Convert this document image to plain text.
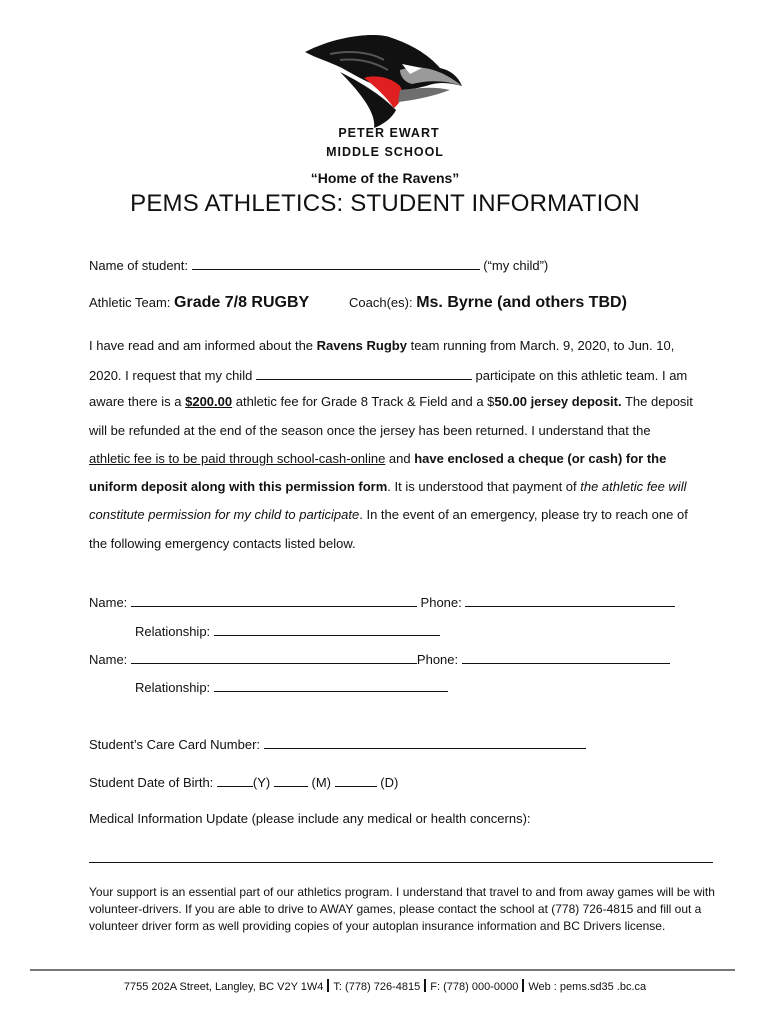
PETER EWART
MIDDLE SCHOOL
“Home of the Ravens”
PEMS ATHLETICS: STUDENT INFORMATION
Name of student:	(“my child”)
Athletic Team: Grade 7/8 RUGBY	Coach(es): Ms. Byrne (and others TBD)
I have read and am informed about the Ravens Rugby team running from March. 9, 2020, to Jun. 10,
2020. I request that my child	participate on this athletic team. I am
aware there is a $200.00 athletic fee for Grade 8 Track & Field and a $50.00 jersey deposit. The deposit
will be refunded at the end of the season once the jersey has been returned. I understand that the
athletic fee is to be paid through school-cash-online and have enclosed a cheque (or cash) for the
uniform deposit along with this permission form. It is understood that payment of the athletic fee will
constitute permission for my child to participate. In the event of an emergency, please try to reach one of
the following emergency contacts listed below.
Name:	Phone:
Relationship:
Name:	Phone:
Relationship:
Student’s Care Card Number:
Student Date of Birth:	(Y)	(M)	(D)
Medical Information Update (please include any medical or health concerns):
Your support is an essential part of our athletics program. I understand that travel to and from away games will be with volunteer-drivers. If you are able to drive to AWAY games, please contact the school at (778) 726-4815 and fill out a volunteer driver form as well providing copies of your autoplan insurance information and BC Drivers license.
7755 202A Street, Langley, BC V2Y 1W4 T: (778) 726-4815 F: (778) 000-0000 Web : pems.sd35 .bc.ca
